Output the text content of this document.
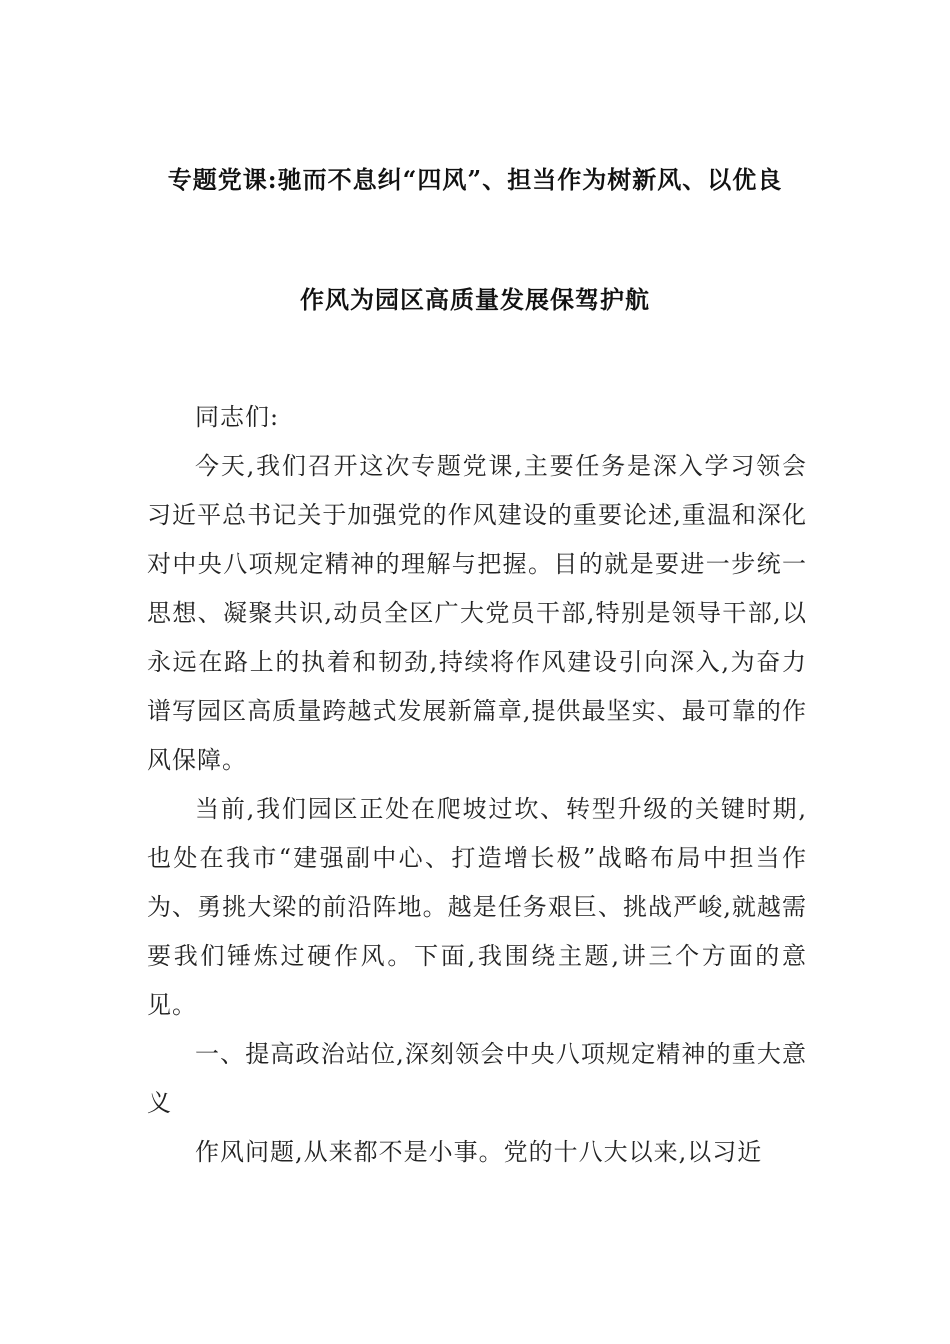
专题党课:驰而不息纠“四风”、担当作为树新风、以优良
作风为园区高质量发展保驾护航

同志们:

今天,我们召开这次专题党课,主要任务是深入学习领会习近平总书记关于加强党的作风建设的重要论述,重温和深化对中央八项规定精神的理解与把握。目的就是要进一步统一思想、凝聚共识,动员全区广大党员干部,特别是领导干部,以永远在路上的执着和韧劲,持续将作风建设引向深入,为奋力谱写园区高质量跨越式发展新篇章,提供最坚实、最可靠的作风保障。

当前,我们园区正处在爬坡过坎、转型升级的关键时期,也处在我市“建强副中心、打造增长极”战略布局中担当作为、勇挑大梁的前沿阵地。越是任务艰巨、挑战严峻,就越需要我们锤炼过硬作风。下面,我围绕主题,讲三个方面的意见。

一、提高政治站位,深刻领会中央八项规定精神的重大意义

作风问题,从来都不是小事。党的十八大以来,以习近
